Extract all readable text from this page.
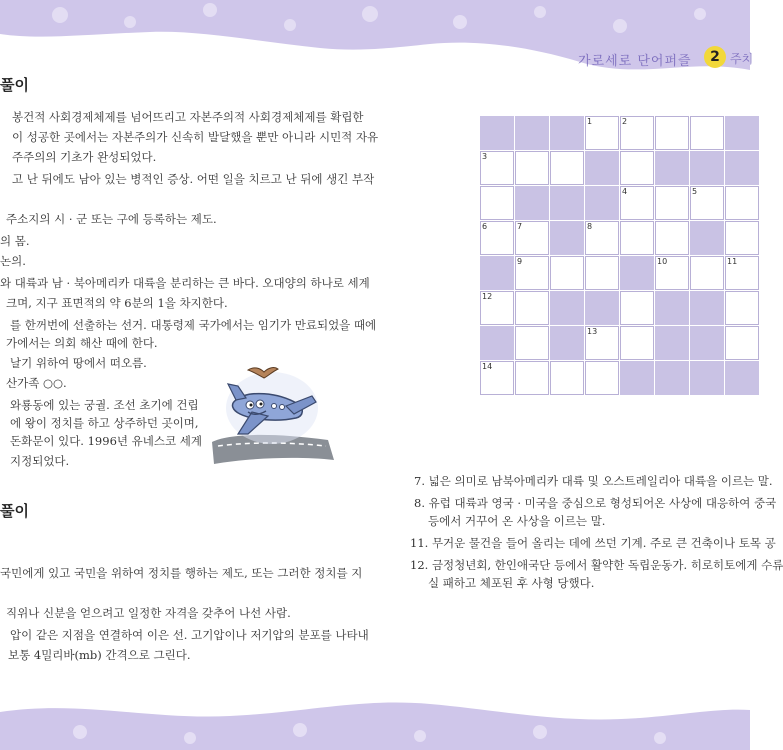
가로세로 단어퍼즐	2 주치
풀이
봉건적 사회경제체제를 넘어뜨리고 자본주의적 사회경제체제를 확립한
이 성공한 곳에서는 자본주의가 신속히 발달했을 뿐만 아니라 시민적 자유
주주의의 기초가 완성되었다.
고 난 뒤에도 남아 있는 병적인 증상. 어떤 일을 치르고 난 뒤에 생긴 부작
주소지의 시 · 군 또는 구에 등록하는 제도.
의 몸.
논의.
와 대륙과 남 · 북아메리카 대륙을 분리하는 큰 바다. 오대양의 하나로 세계
크며, 지구 표면적의 약 6분의 1을 차지한다.
를 한꺼번에 선출하는 선거. 대통령제 국가에서는 임기가 만료되었을 때에
가에서는 의회 해산 때에 한다.
날기 위하여 땅에서 떠오름.
산가족 ○○.
와룡동에 있는 궁궐. 조선 초기에 건립
에 왕이 정치를 하고 상주하던 곳이며,
돈화문이 있다. 1996년 유네스코 세계
지정되었다.
풀이
국민에게 있고 국민을 위하여 정치를 행하는 제도, 또는 그러한 정치를 지
직위나 신분을 얻으려고 일정한 자격을 갖추어 나선 사람.
압이 같은 지점을 연결하여 이은 선. 고기압이나 저기압의 분포를 나타내
보통 4밀리바(mb) 간격으로 그린다.
1	2
3
4	5
6	7	8
9	10	11
12
13
14
7. 넓은 의미로 남북아메리카 대륙 및 오스트레일리아 대륙을 이르는 말.
8. 유럽 대륙과 영국 · 미국을 중심으로 형성되어온 사상에 대응하여 중국
등에서 거꾸어 온 사상을 이르는 말.
11. 무거운 물건을 들어 올리는 데에 쓰던 기계. 주로 큰 건축이나 토목 공
12. 금정청년회, 한인애국단 등에서 활약한 독립운동가. 히로히토에게 수류
실 패하고 체포된 후 사형 당했다.
